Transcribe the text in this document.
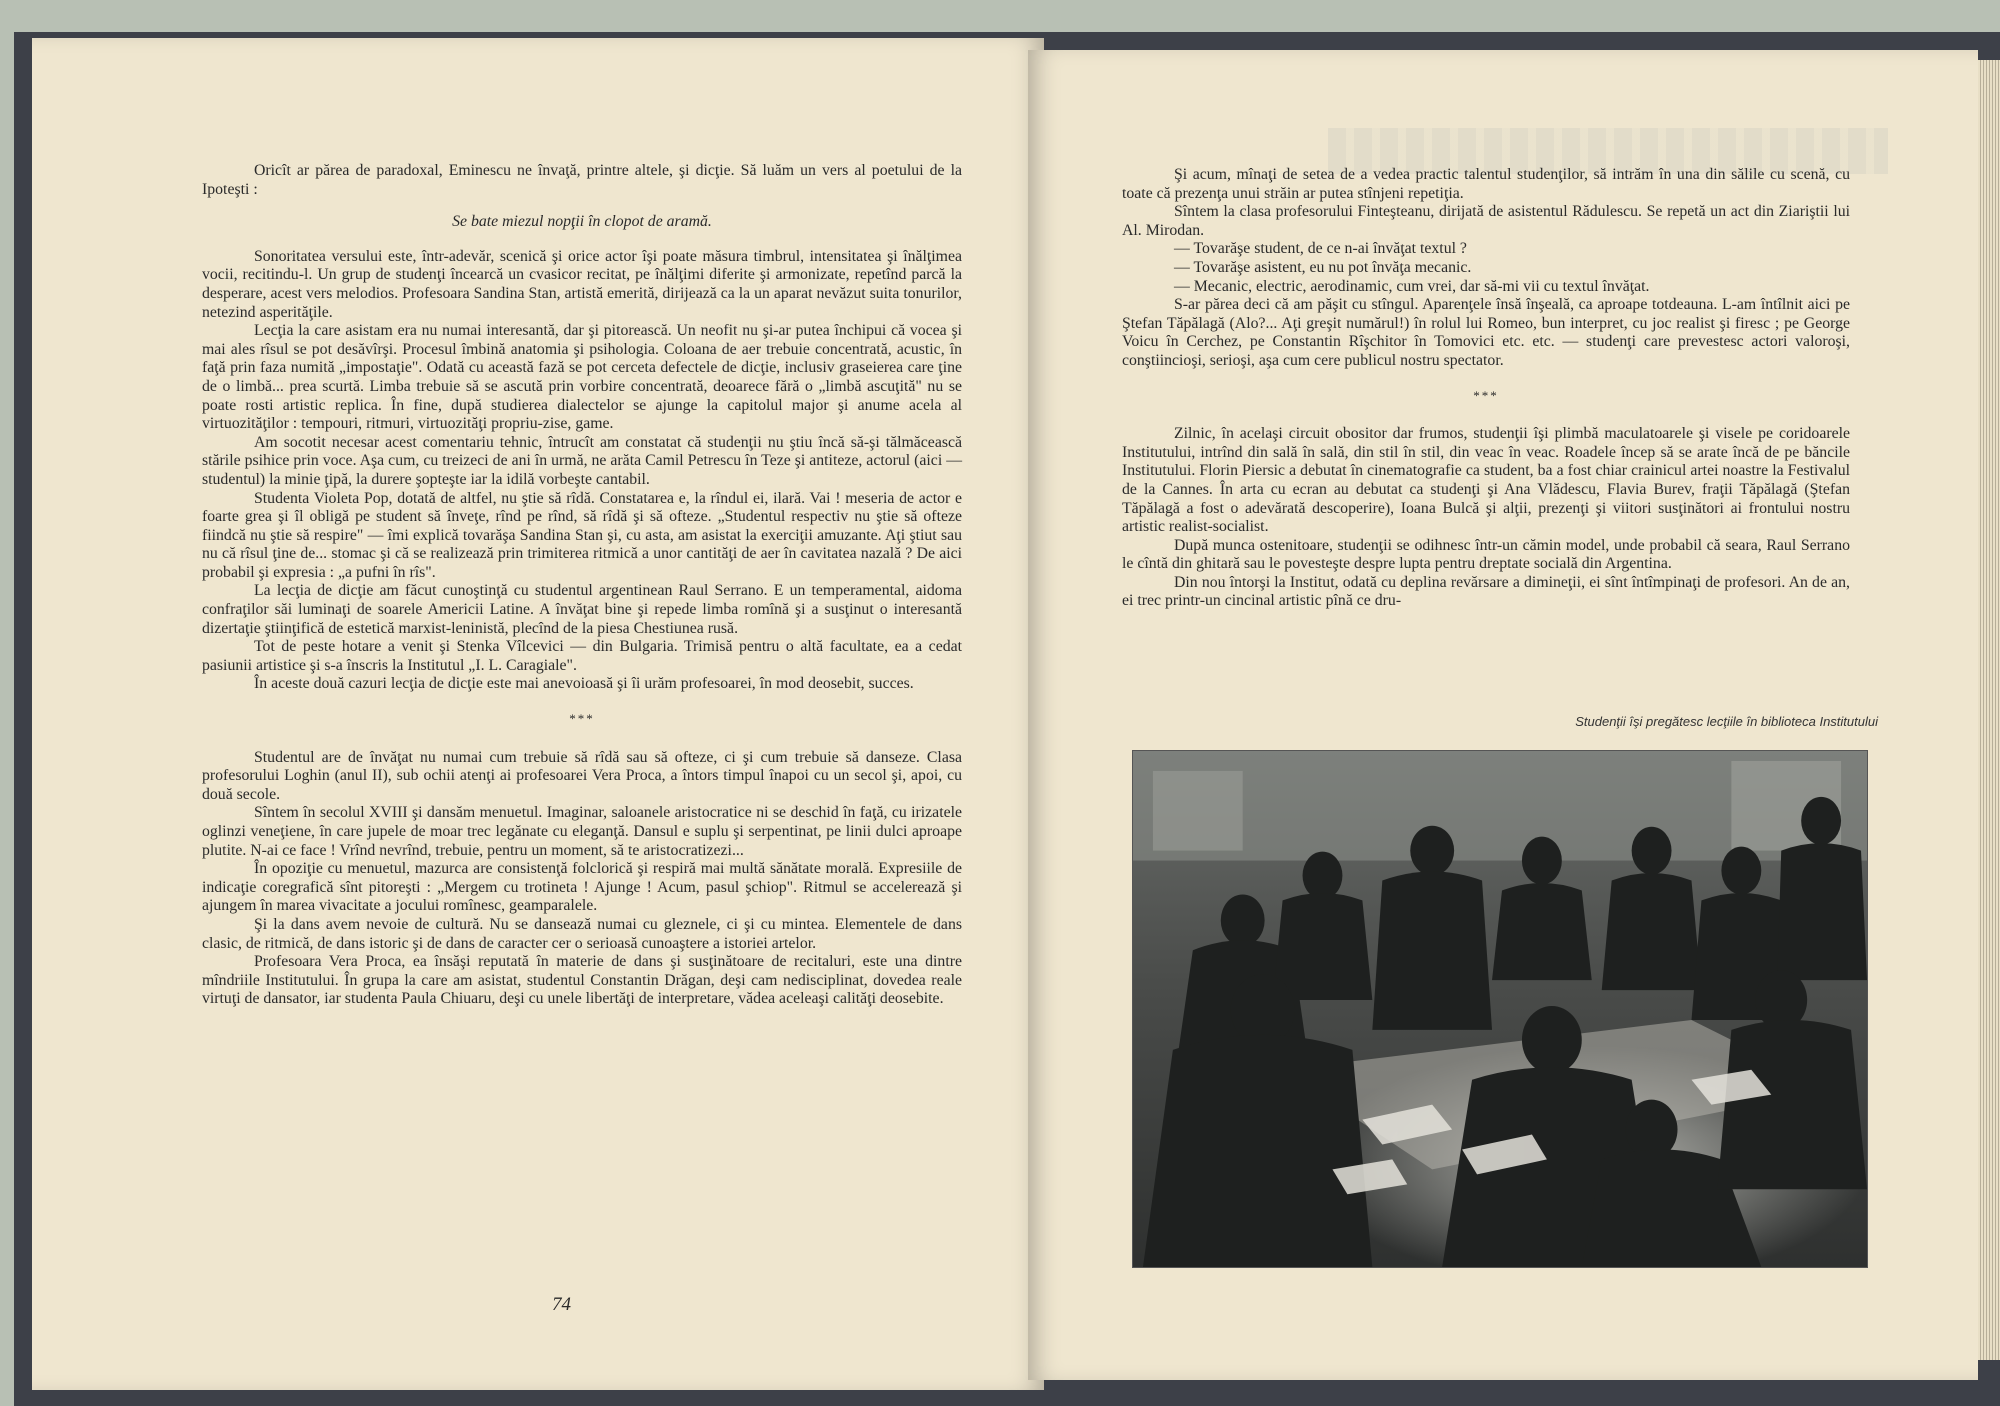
Oricît ar părea de paradoxal, Eminescu ne învaţă, printre altele, şi dicţie. Să luăm un vers al poetului de la Ipoteşti :

Se bate miezul nopţii în clopot de aramă.

Sonoritatea versului este, într-adevăr, scenică şi orice actor îşi poate măsura timbrul, intensitatea şi înălţimea vocii, recitindu-l. Un grup de studenţi încearcă un cvasicor recitat, pe înălţimi diferite şi armonizate, repetînd parcă la desperare, acest vers melodios. Profesoara Sandina Stan, artistă emerită, dirijează ca la un aparat nevăzut suita tonurilor, netezind asperităţile.

Lecţia la care asistam era nu numai interesantă, dar şi pitorească. Un neofit nu şi-ar putea închipui că vocea şi mai ales rîsul se pot desăvîrşi. Procesul îmbină anatomia şi psihologia. Coloana de aer trebuie concentrată, acustic, în faţă prin faza numită „impostaţie". Odată cu această fază se pot cerceta defectele de dicţie, inclusiv graseierea care ţine de o limbă... prea scurtă. Limba trebuie să se ascută prin vorbire concentrată, deoarece fără o „limbă ascuţită" nu se poate rosti artistic replica. În fine, după studierea dialectelor se ajunge la capitolul major şi anume acela al virtuozităţilor : tempouri, ritmuri, virtuozităţi propriu-zise, game.

Am socotit necesar acest comentariu tehnic, întrucît am constatat că studenţii nu ştiu încă să-şi tălmăcească stările psihice prin voce. Aşa cum, cu treizeci de ani în urmă, ne arăta Camil Petrescu în Teze şi antiteze, actorul (aici — studentul) la minie ţipă, la durere şopteşte iar la idilă vorbeşte cantabil.

Studenta Violeta Pop, dotată de altfel, nu ştie să rîdă. Constatarea e, la rîndul ei, ilară. Vai ! meseria de actor e foarte grea şi îl obligă pe student să înveţe, rînd pe rînd, să rîdă şi să ofteze. „Studentul respectiv nu ştie să ofteze fiindcă nu ştie să respire" — îmi explică tovarăşa Sandina Stan şi, cu asta, am asistat la exerciţii amuzante. Aţi ştiut sau nu că rîsul ţine de... stomac şi că se realizează prin trimiterea ritmică a unor cantităţi de aer în cavitatea nazală ? De aici probabil şi expresia : „a pufni în rîs".

La lecţia de dicţie am făcut cunoştinţă cu studentul argentinean Raul Serrano. E un temperamental, aidoma confraţilor săi luminaţi de soarele Americii Latine. A învăţat bine şi repede limba romînă şi a susţinut o interesantă dizertaţie ştiinţifică de estetică marxist-leninistă, plecînd de la piesa Chestiunea rusă.

Tot de peste hotare a venit şi Stenka Vîlcevici — din Bulgaria. Trimisă pentru o altă facultate, ea a cedat pasiunii artistice şi s-a înscris la Institutul „I. L. Caragiale".

În aceste două cazuri lecţia de dicţie este mai anevoioasă şi îi urăm profesoarei, în mod deosebit, succes.

***

Studentul are de învăţat nu numai cum trebuie să rîdă sau să ofteze, ci şi cum trebuie să danseze. Clasa profesorului Loghin (anul II), sub ochii atenţi ai profesoarei Vera Proca, a întors timpul înapoi cu un secol şi, apoi, cu două secole.

Sîntem în secolul XVIII şi dansăm menuetul. Imaginar, saloanele aristocratice ni se deschid în faţă, cu irizatele oglinzi veneţiene, în care jupele de moar trec legănate cu eleganţă. Dansul e suplu şi serpentinat, pe linii dulci aproape plutite. N-ai ce face ! Vrînd nevrînd, trebuie, pentru un moment, să te aristocratizezi...

În opoziţie cu menuetul, mazurca are consistenţă folclorică şi respiră mai multă sănătate morală. Expresiile de indicaţie coregrafică sînt pitoreşti : „Mergem cu trotineta ! Ajunge ! Acum, pasul şchiop". Ritmul se accelerează şi ajungem în marea vivacitate a jocului romînesc, geamparalele.

Şi la dans avem nevoie de cultură. Nu se dansează numai cu gleznele, ci şi cu mintea. Elementele de dans clasic, de ritmică, de dans istoric şi de dans de caracter cer o serioasă cunoaştere a istoriei artelor.

Profesoara Vera Proca, ea însăşi reputată în materie de dans şi susţinătoare de recitaluri, este una dintre mîndriile Institutului. În grupa la care am asistat, studentul Constantin Drăgan, deşi cam nedisciplinat, dovedea reale virtuţi de dansator, iar studenta Paula Chiuaru, deşi cu unele libertăţi de interpretare, vădea aceleaşi calităţi deosebite.

74

Şi acum, mînaţi de setea de a vedea practic talentul studenţilor, să intrăm în una din sălile cu scenă, cu toate că prezenţa unui străin ar putea stînjeni repetiţia.

Sîntem la clasa profesorului Finteşteanu, dirijată de asistentul Rădulescu. Se repetă un act din Ziariştii lui Al. Mirodan.

— Tovarăşe student, de ce n-ai învăţat textul ?

— Tovarăşe asistent, eu nu pot învăţa mecanic.

— Mecanic, electric, aerodinamic, cum vrei, dar să-mi vii cu textul învăţat.

S-ar părea deci că am păşit cu stîngul. Aparenţele însă înşeală, ca aproape totdeauna. L-am întîlnit aici pe Ştefan Tăpălagă (Alo?... Aţi greşit numărul!) în rolul lui Romeo, bun interpret, cu joc realist şi firesc ; pe George Voicu în Cerchez, pe Constantin Rîşchitor în Tomovici etc. etc. — studenţi care prevestesc actori valoroşi, conştiincioşi, serioşi, aşa cum cere publicul nostru spectator.

***

Zilnic, în acelaşi circuit obositor dar frumos, studenţii îşi plimbă maculatoarele şi visele pe coridoarele Institutului, intrînd din sală în sală, din stil în stil, din veac în veac. Roadele încep să se arate încă de pe băncile Institutului. Florin Piersic a debutat în cinematografie ca student, ba a fost chiar crainicul artei noastre la Festivalul de la Cannes. În arta cu ecran au debutat ca studenţi şi Ana Vlădescu, Flavia Burev, fraţii Tăpălagă (Ştefan Tăpălagă a fost o adevărată descoperire), Ioana Bulcă şi alţii, prezenţi şi viitori susţinători ai frontului nostru artistic realist-socialist.

După munca ostenitoare, studenţii se odihnesc într-un cămin model, unde probabil că seara, Raul Serrano le cîntă din ghitară sau le povesteşte despre lupta pentru dreptate socială din Argentina.

Din nou întorşi la Institut, odată cu deplina revărsare a dimineţii, ei sînt întîmpinaţi de profesori. An de an, ei trec printr-un cincinal artistic pînă ce dru-

Studenţii îşi pregătesc lecţiile în biblioteca Institutului
